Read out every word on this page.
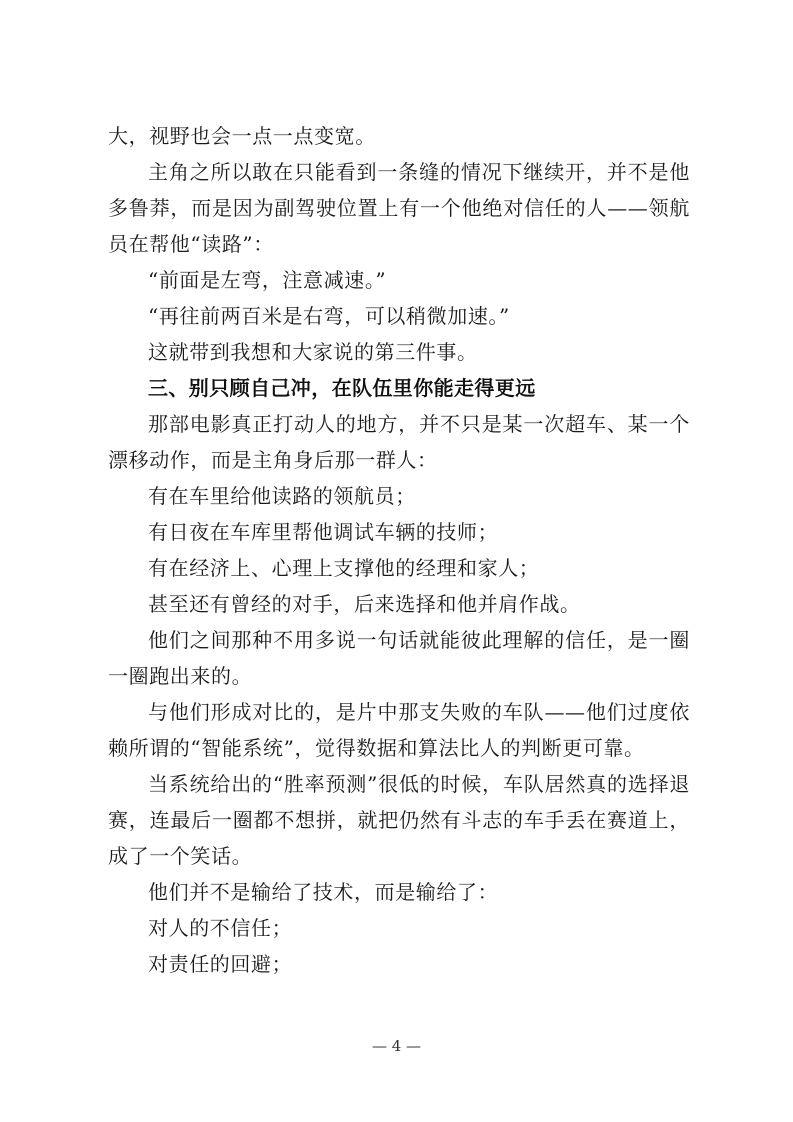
大，视野也会一点一点变宽。

主角之所以敢在只能看到一条缝的情况下继续开，并不是他多鲁莽，而是因为副驾驶位置上有一个他绝对信任的人——领航员在帮他“读路”：

“前面是左弯，注意减速。”

“再往前两百米是右弯，可以稍微加速。”

这就带到我想和大家说的第三件事。

三、别只顾自己冲，在队伍里你能走得更远

那部电影真正打动人的地方，并不只是某一次超车、某一个漂移动作，而是主角身后那一群人：

有在车里给他读路的领航员；

有日夜在车库里帮他调试车辆的技师；

有在经济上、心理上支撑他的经理和家人；

甚至还有曾经的对手，后来选择和他并肩作战。

他们之间那种不用多说一句话就能彼此理解的信任，是一圈一圈跑出来的。

与他们形成对比的，是片中那支失败的车队——他们过度依赖所谓的“智能系统”，觉得数据和算法比人的判断更可靠。

当系统给出的“胜率预测”很低的时候，车队居然真的选择退赛，连最后一圈都不想拼，就把仍然有斗志的车手丢在赛道上，成了一个笑话。

他们并不是输给了技术，而是输给了：

对人的不信任；

对责任的回避；

— 4 —
